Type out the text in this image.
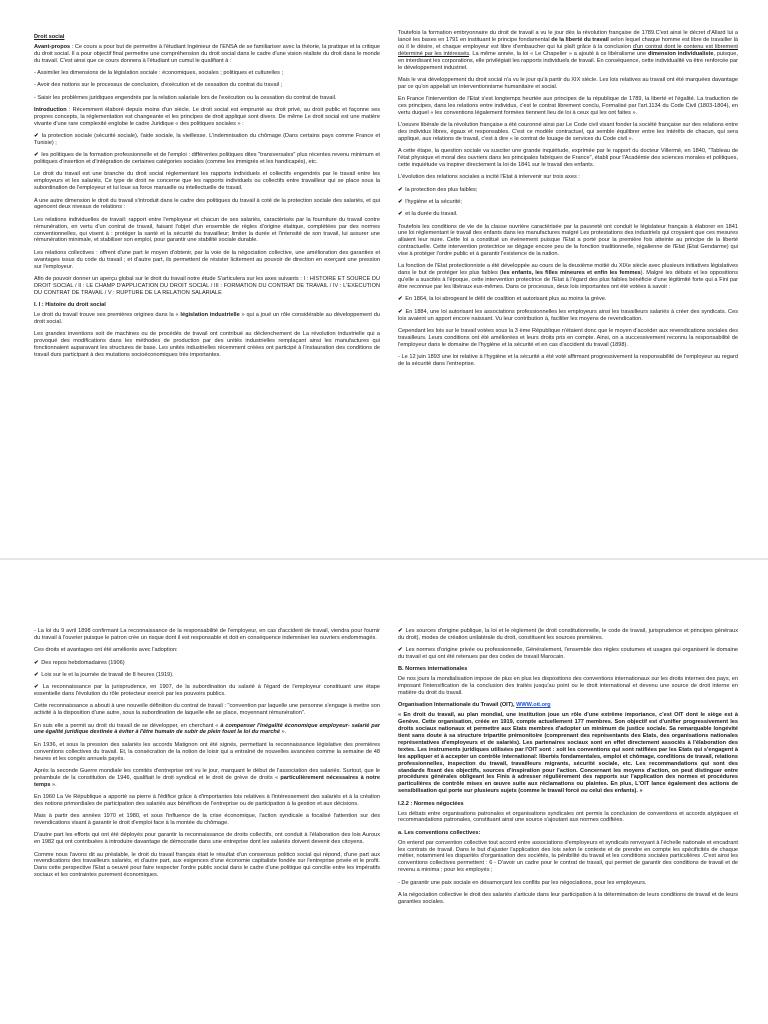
Droit social

Avant-propos : Ce cours a pour but de permettre à l'étudiant Ingénieur de l'ENSA de se familiariser avec la théorie, la pratique et la critique du droit social. Il a pour objectif final permettre une compréhension du droit social dans le cadre d'une vision réaliste du droit dans le monde du travail. C'est ainsi que ce cours donnera à l'étudiant un cumul le qualifiant à :

- Assimiler les dimensions de la législation sociale : économiques, sociales ; politiques et culturelles ;

- Avoir des notions sur le processus de conclusion, d'exécution et de cessation du contrat du travail ;

- Saisir les problèmes juridiques engendrés par la relation salariale lors de l'exécution ou la cessation du contrat de travail.

Introduction : Récemment élaboré depuis moins d'un siècle. Le droit social est emprunté au droit privé, au droit public et façonne ses propres concepts, la réglementation est changeante et les principes de droit appliqué sont divers. De même Le droit social est une matière vivante d'une rare complexité englobe le cadre Juridique « des politiques sociales » :

✔ la protection sociale (sécurité sociale), l'aide sociale, la vieillesse. L'indemnisation du chômage (Dans certains pays comme France et Tunisie) ;

✔ les politiques de la formation professionnelle et de l'emploi : différentes politiques dites "transversales" plus récentes revenu minimum et politiques d'insertion et d'intégration de certaines catégories sociales (comme les immigrés et les handicapés), etc.

Le droit du travail est une branche du droit social réglementant les rapports individuels et collectifs engendrés par le travail entre les employeurs et les salariés, Ce type de droit ne concerne que les rapports individuels ou collectifs entre travailleur qui se place sous la subordination de l'employeur et lui loue sa force manuelle ou intellectuelle de travail.

A une autre dimension le droit du travail s'introduit dans le cadre des politiques du travail à coté de la protection sociale des salariés, et qui agencent deux niveaux de relations :

Les relations individuelles de travail: rapport entre l'employeur et chacun de ses salariés, caractérisés par la fourniture du travail contre rémunération, en vertu d'un contrat de travail, faisant l'objet d'un ensemble de règles d'origine étatique, complétées par des normes conventionnelles, qui visent à : protéger la santé et la sécurité du travailleur; limiter la durée et l'intensité de son travail, lui assurer une rémunération minimale, et stabiliser son emploi, pour garantir une stabilité sociale durable.

Les relations collectives : offrent d'une part le moyen d'obtenir, par la voie de la négociation collective, une amélioration des garanties et avantages issus du code du travail ; et d'autre part, ils permettent de résister licitement au pouvoir de direction en exerçant une pression sur l'employeur.

Afin de pouvoir donner un aperçu global sur le droit du travail notre étude S'articulera sur les axes suivants : I : HISTOIRE ET SOURCE DU DROIT SOCIAL / II : LE CHAMP D'APPLICATION DU DROIT SOCIAL / III : FORMATION DU CONTRAT DE TRAVAIL / IV : L'EXECUTION DU CONTRAT DE TRAVAIL / V : RUPTURE DE LA RELATION SALARIALE

I. I : Histoire du droit social

Le droit du travail trouve ses premières origines dans la « législation industrielle » qui a joué un rôle considérable au développement du droit social.

Les grandes inventions soit de machines ou de procédés de travail ont contribué au déclenchement de La révolution industrielle qui a provoqué des modifications dans les méthodes de production par des unités industrielles remplaçant ainsi les manufactures qui fonctionnaient auparavant les structures de base. Les unités industrielles récemment créées ont participé à l'instauration des conditions de travail durs participant à des mutations socioéconomiques très importantes.

Toutefois la formation embryonnaire du droit de travail a vu le jour dès la révolution française de 1789.C'est ainsi le décret d'Allard lui a lancé les bases en 1791 en instituant le principe fondamental de la liberté du travail selon lequel chaque homme est libre de travailler là où il le désire, et chaque employeur est libre d'embaucher qui lui plaît grâce à la conclusion d'un contrat dont le contenu est librement déterminé par les intéressés. La même année, la loi « Le Chapelier » a ajouté à ce libéralisme une dimension individualiste, puisque, en interdisant les corporations, elle privilégiait les rapports individuels de travail. En conséquence, cette individualité va être renforcée par le développement industriel.

Mais le vrai développement du droit social n'a vu le jour qu'à partir du XIX siècle. Les lois relatives au travail ont été marquées davantage par ce qu'on appelait un interventionnisme humanitaire et social.

En France l'intervention de l'Etat s'est longtemps heurtée aux principes de la république de 1789, la liberté et l'égalité. La traduction de ces principes, dans les relations entre individus, c'est le contrat librement conclu, Formalisé par l'art.1134 du Code Civil (1803-1804), en vertu duquel « les conventions légalement formées tiennent lieu de loi à ceux qui les ont faites ».

L'oeuvre libérale de la révolution française a été couronné ainsi par Le Code civil visant fonder la société française sur des relations entre des individus libres, égaux et responsables. C'est ce modèle contractuel, qui semble équilibrer entre les intérêts de chacun, qui sera appliqué, aux relations de travail, c'est à dire « le contrat de louage de services du Code civil ».

A cette étape, la question sociale va susciter une grande inquiétude, exprimée par le rapport du docteur Villermé, en 1840, "Tableau de l'état physique et moral des ouvriers dans les principales fabriques de France", établi pour l'Académie des sciences morales et politiques, cette inquiétude va inspirer directement la loi de 1841 sur le travail des enfants.

L'évolution des relations sociales a incité l'Etat à intervenir sur trois axes :

✔ la protection des plus faibles;

✔ l'hygiène et la sécurité;

✔ et la durée du travail.

Toutefois les conditions de vie de la classe ouvrière caractérisée par la pauvreté ont conduit le législateur français à élaborer en 1841 une loi réglementant le travail des enfants dans les manufactures malgré Les protestations des industriels qui croyaient que ces mesures allaient leur nuire. Cette loi a constitué un événement puisque l'Etat a porté pour la première fois atteinte au principe de la liberté contractuelle. Cette intervention protectrice se dégage encore peu de la fonction traditionnelle, régalienne de l'Etat (Etat Gendarme) qui vise à protéger l'ordre public et à garantir l'existence de la nation.

La fonction de l'Etat protectionniste a été développée au cours de la deuxième moitié du XIXe siècle avec plusieurs initiatives législatives dans le but de protéger les plus faibles (les enfants, les filles mineures et enfin les femmes). Malgré les débats et les oppositions qu'elle a suscités à l'époque, cette intervention protectrice de l'Etat à l'égard des plus faibles bénéficie d'une légitimité forte qui a Fini par être reconnue par les libéraux eux-mêmes. Dans ce processus, deux lois importantes ont été votées à savoir :

✔ En 1864, la loi abrogeant le délit de coalition et autorisant plus au moins la grève.

✔ En 1884, une loi autorisant les associations professionnelles les employeurs ainsi les travailleurs salariés à créer des syndicats. Ces lois avaient un apport encore naissant. Vu leur contribution à, faciliter les moyens de revendication.

Cependant les lois sur le travail votées sous la 3 ème République n'étaient donc que le moyen d'accéder aux revendications sociales des travailleurs. Leurs conditions ont été améliorées et leurs droits pris en compte. Ainsi, on a successivement reconnu la responsabilité de l'employeur dans le domaine de l'hygiène et la sécurité et en cas d'accident du travail (1898).

- Le 12 juin 1893 une loi relative à l'hygiène et la sécurité a été voté affirmant progressivement la responsabilité de l'employeur au regard de la sécurité dans l'entreprise.

- La loi du 9 avril 1898 confirmant La reconnaissance de la responsabilité de l'employeur, en cas d'accident de travail, viendra pour fournir du travail à l'ouvrier puisque le patron crée un risque dont il est responsable et doit en conséquence indemniser les ouvriers endommagés.

Ces droits et avantages ont été améliorés avec l'adoption:

✔ Des repos hebdomadaires (1906)

✔ Lois sur le et la journée de travail de 8 heures (1919).

✔ La reconnaissance par la jurisprudence, en 1907, de la subordination du salarié à l'égard de l'employeur constituant une étape essentielle dans l'évolution du rôle protecteur exercé par les pouvoirs publics.

Cette reconnaissance a abouti à une nouvelle définition du contrat de travail : "convention par laquelle une personne s'engage à mettre son activité à la disposition d'une autre, sous la subordination de laquelle elle se place, moyennant rémunération".

En suis elle a permit au droit du travail de se développer, en cherchant « à compenser l'inégalité économique employeur- salarié par une égalité juridique destinée à éviter à l'être humain de subir de plein fouet la loi du marché ».

En 1936, et sous la pression des salariés les accords Matignon ont été signés, permettant la reconnaissance législative des premières conventions collectives du travail. Et, la consécration de la notion de loisir qui a entraîné de nouvelles avancées comme la semaine de 48 heures et les congés annuels payés.

Après la seconde Guerre mondiale les comités d'entreprise ont vu le jour, marquant le début de l'association des salariés. Surtout, que le préambule de la constitution de 1946, qualifiait le droit syndical et le droit de grève de droits « particulièrement nécessaires à notre temps ».

En 1960 La Ve République a apporté sa pierre à l'édifice grâce à d'importantes lois relatives à l'intéressement des salariés et à la création des notions primordiales de participation des salariés aux bénéfices de l'entreprise ou de participation à la gestion et aux décisions.

Mais à partir des années 1970 et 1980, et sous l'influence de la crise économique, l'action syndicale a focalisé l'attention sur des revendications visant à garantir le droit d'emploi face à la montée du chômage.

D'autre part les efforts qui ont été déployés pour garantir la reconnaissance de droits collectifs, ont conduit à l'élaboration des lois Auroux en 1982 qui ont contribuées à introduire davantage de démocratie dans une entreprise dont les salariés doivent devenir des citoyens.

Comme nous l'avons dit au préalable, le droit du travail français était le résultat d'un consensus politico social qui répond, d'une part aux revendications des travailleurs salariés, et d'autre part, aux exigences d'une économie capitaliste fondée sur l'entreprise privée et le profit. Dans cette perspective l'Etat a oeuvré pour faire respecter l'ordre public social dans le cadre d'une politique qui concilie entre les impératifs sociaux et les contraintes purement économiques.

✔ Les sources d'origine publique, la loi et le règlement (le droit constitutionnelle, le code de travail, jurisprudence et principes généraux du droit), modes de création unilatérale du droit, constituent les sources premières.

✔ Les normes d'origine privée ou professionnelle, Généralement, l'ensemble des règles coutumes et usages qui organisent le domaine du travail et qui ont été retenues par des codes de travail Marocain.

B. Normes internationales

De nos jours la mondialisation impose de plus en plus les dispositions des conventions internationaux sur les droits internes des pays, en imposant l'intensification de la conclusion des traités jusqu'au point ou le droit international et devenu une source de droit interne en matière du droit du travail.

Organisation Internationale du Travail (OIT), WWW.oit.org

« En droit du travail, au plan mondial, une institution joue un rôle d'une extrême importance, c'est OIT dont le siège est à Genève. Cette organisation, créée en 1919, compte actuellement 177 membres. Son objectif est d'unifier progressivement les droits sociaux nationaux et permettre aux Etats membres d'adopter un minimum de justice sociale. Sa remarquable longévité tient sans doute à sa structure tripartite prémonitoire (comprenant des représentants des Etats, des organisations nationales représentatives d'employeurs et de salariés). Les partenaires sociaux sont en effet directement associés à l'élaboration des textes. Les instruments juridiques utilisées par l'OIT sont : soit les conventions qui sont ratifiées par les Etats qui s'engagent à les appliquer et à accepter un contrôle international: libertés fondamentales, emploi et chômage, conditions de travail, relations professionnelles, inspection du travail, travailleurs migrants, sécurité sociale, etc. Les recommandations qui sont des standards fixant des objectifs, sources d'inspiration pour l'action. Concernant les moyens d'action, on peut distinguer entre procédures générales obligeant les Finis à adresser régulièrement des rapports sur l'application des normes et procédures particulières de contrôle mises en œuvre suite aux réclamations ou plaintes. En plus, L'OIT lance également des actions de sensibilisation qui porte sur plusieurs sujets (comme le travail forcé ou celui des enfants). »

I.2.2 : Normes négociées

Les débats entre organisations patronales et organisations syndicales ont permis la conclusion de conventions et accords atypiques et recommandations patronales, constituant ainsi une source s'ajoutant aux normes codifiées.

a. Les conventions collectives:

On entend par convention collective tout accord entre associations d'employeurs et syndicats renvoyant à l'échelle nationale et encadrant les contrats de travail. Dans le but d'ajuster l'application des lois selon le contexte et de prendre en compte les spécificités de chaque métier, notamment les disparités d'organisation des sociétés, la pénibilité du travail et les conditions sociales particulières .C'est ainsi les conventions collectives permettent : 6 - D'avoir un cadre pour le contrat de travail, qui permet de garantir des conditions de travail et de revenu a minima ; pour les employés ;

- De garantir une paix sociale en désamorçant les conflits par les négociations, pour les employeurs.

A la négociation collective le droit des salariés s'articule dans leur participation à la détermination de leurs conditions de travail et de leurs garanties sociales.
